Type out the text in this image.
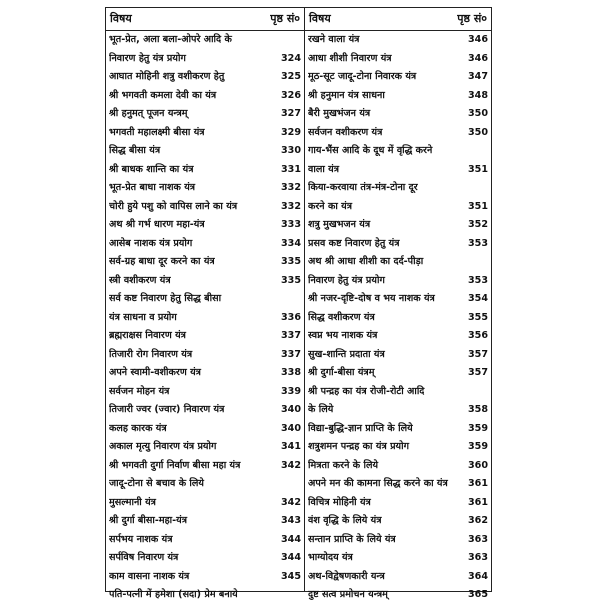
विषय	पृष्ठ सं०
भूत-प्रेत, अला बला-ओपरे आदि के
निवारण हेतु यंत्र प्रयोग	324
आघात मोहिनी शत्रु वशीकरण हेतु	325
श्री भगवती कमला देवी का यंत्र	326
श्री हनुमत् पूजन यन्त्रम्	327
भगवती महालक्ष्मी बीसा यंत्र	329
सिद्ध बीसा यंत्र	330
श्री बाधक शान्ति का यंत्र	331
भूत-प्रेत बाधा नाशक यंत्र	332
चोरी हुये पशु को वापिस लाने का यंत्र	332
अथ श्री गर्भ धारण महा-यंत्र	333
आसेब नाशक यंत्र प्रयोग	334
सर्व-ग्रह बाधा दूर करने का यंत्र	335
स्त्री वशीकरण यंत्र	335
सर्व कष्ट निवारण हेतु सिद्ध बीसा
यंत्र साधना व प्रयोग	336
ब्रह्मराक्षस निवारण यंत्र	337
तिजारी रोग निवारण यंत्र	337
अपने स्वामी-वशीकरण यंत्र	338
सर्वजन मोहन यंत्र	339
तिजारी ज्वर (ज्वार) निवारण यंत्र	340
कलह कारक यंत्र	340
अकाल मृत्यु निवारण यंत्र प्रयोग	341
श्री भगवती दुर्गा निर्वाण बीसा महा यंत्र	342
जादू-टोना से बचाव के लिये
मुसल्मानी यंत्र	342
श्री दुर्गा बीसा-महा-यंत्र	343
सर्पभय नाशक यंत्र	344
सर्पविष निवारण यंत्र	344
काम वासना नाशक यंत्र	345
पति-पत्नी में हमेशा (सदा) प्रेम बनाये
विषय	पृष्ठ सं०
रखने वाला यंत्र	346
आधा शीशी निवारण यंत्र	346
मूठ-सूट जादू-टोना निवारक यंत्र	347
श्री हनुमान यंत्र साधना	348
बैरी मुखभंजन यंत्र	350
सर्वजन वशीकरण यंत्र	350
गाय-भैंस आदि के दूध में वृद्धि करने
वाला यंत्र	351
किया-करवाया तंत्र-मंत्र-टोना दूर
करने का यंत्र	351
शत्रु मुखभजन यंत्र	352
प्रसव कष्ट निवारण हेतु यंत्र	353
अथ श्री आधा शीशी का दर्द-पीड़ा
निवारण हेतु यंत्र प्रयोग	353
श्री नजर-दृष्टि-दोष व भय नाशक यंत्र	354
सिद्ध वशीकरण यंत्र	355
स्वप्न भय नाशक यंत्र	356
सुख-शान्ति प्रदाता यंत्र	357
श्री दुर्गा-बीसा यंत्रम्	357
श्री पन्द्रह का यंत्र रोजी-रोटी आदि
के लिये	358
विद्या-बुद्धि-ज्ञान प्राप्ति के लिये	359
शत्रुशमन पन्द्रह का यंत्र प्रयोग	359
मित्रता करने के लिये	360
अपने मन की कामना सिद्ध करने का यंत्र	361
विचित्र मोहिनी यंत्र	361
वंश वृद्धि के लिये यंत्र	362
सन्तान प्राप्ति के लिये यंत्र	363
भाग्योदय यंत्र	363
अथ-विद्वेषणकारी यन्त्र	364
दुष्ट सत्व प्रमोचन यन्त्रम्	365
